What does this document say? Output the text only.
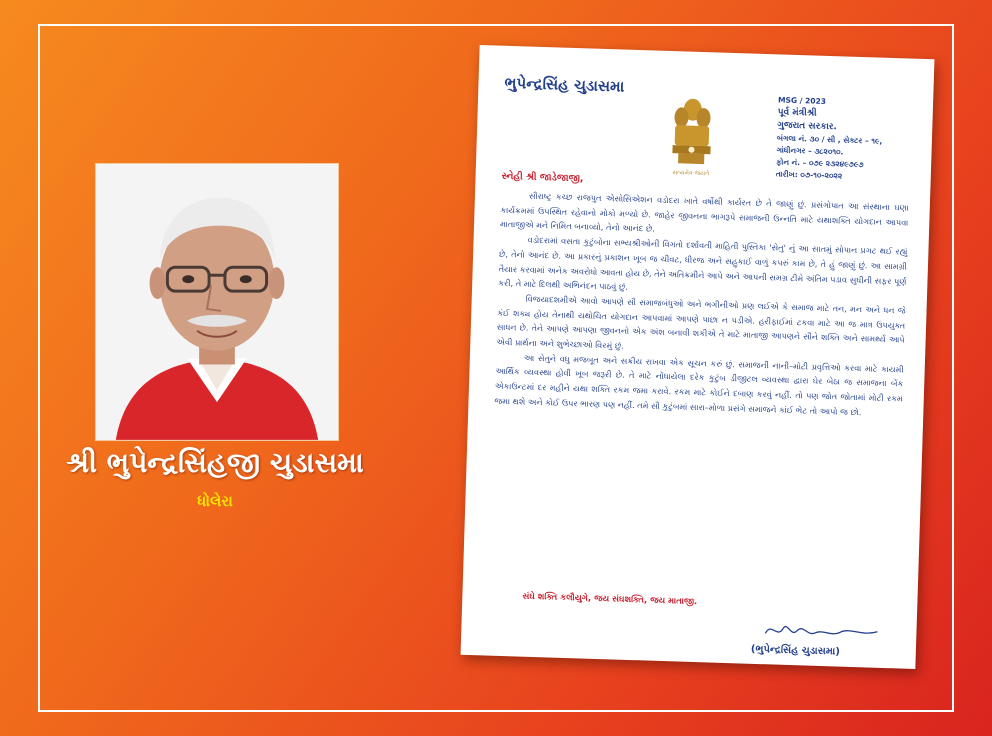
શ્રી ભુપેન્દ્રસિંહજી ચુડાસમા
ધોલેરા
ભુપેન્દ્રસિંહ ચુડાસમા
સત્યમેવ જયતે
MSG / 2023
પૂર્વ મંત્રીશ્રી
ગુજરાત સરકાર.
બંગલા નં. ૩૦ / સી , સેક્ટર – ૧૯,
ગાંધીનગર – ૩૮૨૦૧૦.
ફોન નં. – ૦૭૯ ૨૩૨૪૯૭૯૭
તારીખ: ૦૭-૧૦-૨૦૨૨
સ્નેહી શ્રી જાડેજાજી,

સૌરાષ્ટ્ર કચ્છ રાજપુત એસોસિએશન વડોદરા ખાતે વર્ષોથી કાર્યરત છે તે જાણું છું. પ્રસંગોપાત આ સંસ્થાના ઘણા કાર્યક્રમમાં ઉપસ્થિત રહેવાનો મોકો મળ્યો છે. જાહેર જીવનના ભાગરૂપે સમાજની ઉન્નતિ માટે યથાશક્તિ યોગદાન આપવા માતાજીએ મને નિમિત બનાવ્યો, તેનો આનંદ છે.

વડોદરામાં વસતા કુટુંબોના સભ્યશ્રીઓની વિગતો દર્શાવતી માહિતી પુસ્તિકા 'સેતુ' નું આ સાતમું સોપાન પ્રગટ થઈ રહ્યું છે, તેનો આનંદ છે. આ પ્રકારનું પ્રકાશન ખૂબ જ ચીવટ, ધીરજ અને સહુકાઈ વાળું કપરું કામ છે, તે હું જાણું છું. આ સામગ્રી તૈયાર કરવામાં અનેક અવરોધો આવતા હોય છે, તેને અતિક્રમીને આપે અને આપની સમગ્ર ટીમે અંતિમ પડાવ સુધીની સફર પૂર્ણ કરી, તે માટે દિલથી અભિનંદન પાઠવું છું.

વિજયાદશમીએ આવો આપણે સૌ સમાજબંધુઓ અને ભગીનીઓ પ્રણ લઈએ કે સમાજ માટે તન, મન અને ધન જે કંઈ શક્ય હોય તેનાથી યથોચિત યોગદાન આપવામાં આપણે પાછા ન પડીએ. હરીફાઈમાં ટકવા માટે આ જ માત્ર ઉપયુક્ત સાધન છે. તેને આપણે આપણા જીવનનો એક અંશ બનાવી શકીએ તે માટે માતાજી આપણને સૌને શક્તિ અને સામર્થ્ય આપે એવી પ્રાર્થના અને શુભેચ્છાઓ વિરમું છું.

આ સેતુને વધુ મજબૂત અને સક્રીય રાખવા એક સૂચન કરું છું. સમાજની નાની–મોટી પ્રવૃત્તિઓ કરવા માટે કાયમી આર્થિક વ્યવસ્થા હોવી ખૂબ જરૂરી છે. તે માટે નોંધાયેલા દરેક કુટુંબ ડીજીટલ વ્યવસ્થા દ્વારા ઘેર બેઠા જ સમાજના બેંક એકાઉન્ટમાં દર મહીને યથા શક્તિ રકમ જમા કરાવે. રકમ માટે કોઈને દબાણ કરવું નહીં. તો પણ જોત જોતામાં મોટી રકમ જમા થશે અને કોઈ ઉપર ભારણ પણ નહીં. તમે સૌ કુટુંબમાં સારા–મોળા પ્રસંગે સમાજને કાંઈ ભેટ તો આપો જ છો.

સંઘે શક્તિ કલૌયુગે, જય સંઘશક્તિ, જય માતાજી.
(ભુપેન્દ્રસિંહ ચુડાસમા)
